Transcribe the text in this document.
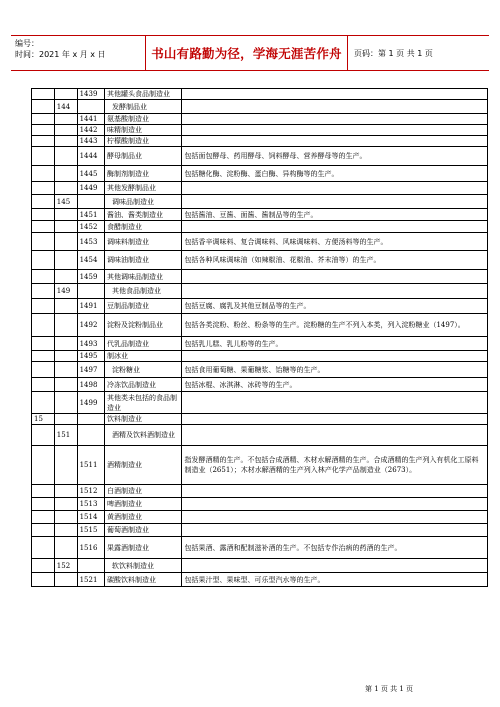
编号：
时间：2021 年 x 月 x 日	书山有路勤为径，学海无涯苦作舟	页码：第 1 页 共 1 页
		1439	其他罐头食品制造业	
	144		发酵制品业	
		1441	氨基酸制造业	
		1442	味精制造业	
		1443	柠檬酸制造业	
		1444	酵母制品业	包括面包酵母、药用酵母、饲料酵母、营养酵母等的生产。
		1445	酶制剂制造业	包括糖化酶、淀粉酶、蛋白酶、异构酶等的生产。
		1449	其他发酵制品业	
	145		调味品制造业	
		1451	酱油、酱类制造业	包括酱油、豆酱、面酱、酱制品等的生产。
		1452	食醋制造业	
		1453	调味料制造业	包括香辛调味料、复合调味料、风味调味料、方便汤料等的生产。
		1454	调味油制造业	包括各种风味调味油（如辣椒油、花椒油、芥末油等）的生产。
		1459	其他调味品制造业	
	149		其他食品制造业	
		1491	豆制品制造业	包括豆腐、腐乳及其他豆制品等的生产。
		1492	淀粉及淀粉制品业	包括各类淀粉、粉丝、粉条等的生产。淀粉糖的生产不列入本类，列入淀粉糖业（1497）。
		1493	代乳品制造业	包括乳儿糕、乳儿粉等的生产。
		1495	制冰业	
		1497	淀粉糖业	包括食用葡萄糖、果葡糖浆、饴糖等的生产。
		1498	冷冻饮品制造业	包括冰棍、冰淇淋、冰砖等的生产。
		1499	其他类未包括的食品制造业	
15			饮料制造业	
	151		酒精及饮料酒制造业	
		1511	酒精制造业	指发酵酒精的生产。不包括合成酒精、木材水解酒精的生产。合成酒精的生产列入有机化工原料制造业（2651）；木材水解酒精的生产列入林产化学产品制造业（2673）。
		1512	白酒制造业	
		1513	啤酒制造业	
		1514	黄酒制造业	
		1515	葡萄酒制造业	
		1516	果露酒制造业	包括果酒、露酒和配制滋补酒的生产。不包括专作治病的药酒的生产。
	152		软饮料制造业	
		1521	碳酸饮料制造业	包括果汁型、果味型、可乐型汽水等的生产。
第 1 页 共 1 页
